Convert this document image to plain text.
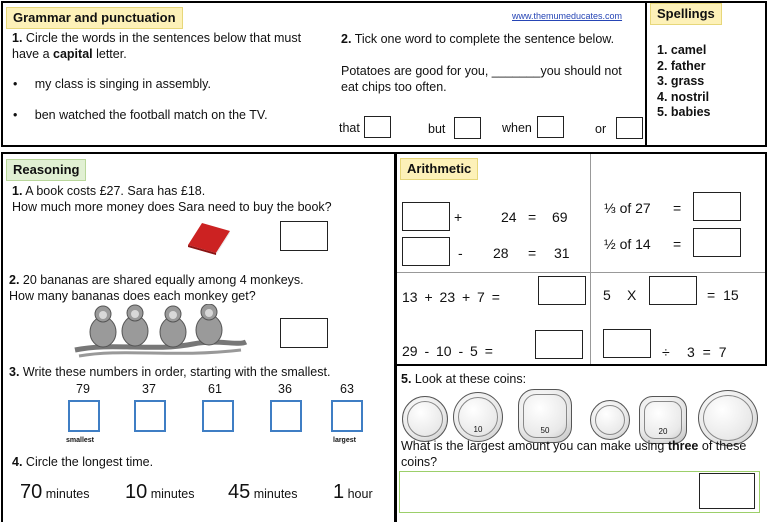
Grammar and punctuation	www.themumeducates.com
1. Circle the words in the sentences below that must have a capital letter.
•     my class is singing in assembly.
•     ben watched the football match on the TV.
2. Tick one word to complete the sentence below.
Potatoes are good for you, _______you should not eat chips too often.
that	but	when	or
Spellings
1. camel
2. father
3. grass
4. nostril
5. babies
Reasoning
1. A book costs £27. Sara has £18.
How much more money does Sara need to buy the book?
2. 20 bananas are shared equally among 4 monkeys.
How many bananas does each monkey get?
3. Write these numbers in order, starting with the smallest.
79	37	61	36	63
smallest	largest
4. Circle the longest time.
70 minutes 10 minutes 45 minutes 1 hour
Arithmetic
+	24 = 69
- 28 = 31
⅓ of 27 =
½ of 14 =
13 + 23 + 7 =	5 X	= 15
29 - 10 - 5 =	÷ 3 = 7
5. Look at these coins:
10	50	20
What is the largest amount you can make using three of these coins?
